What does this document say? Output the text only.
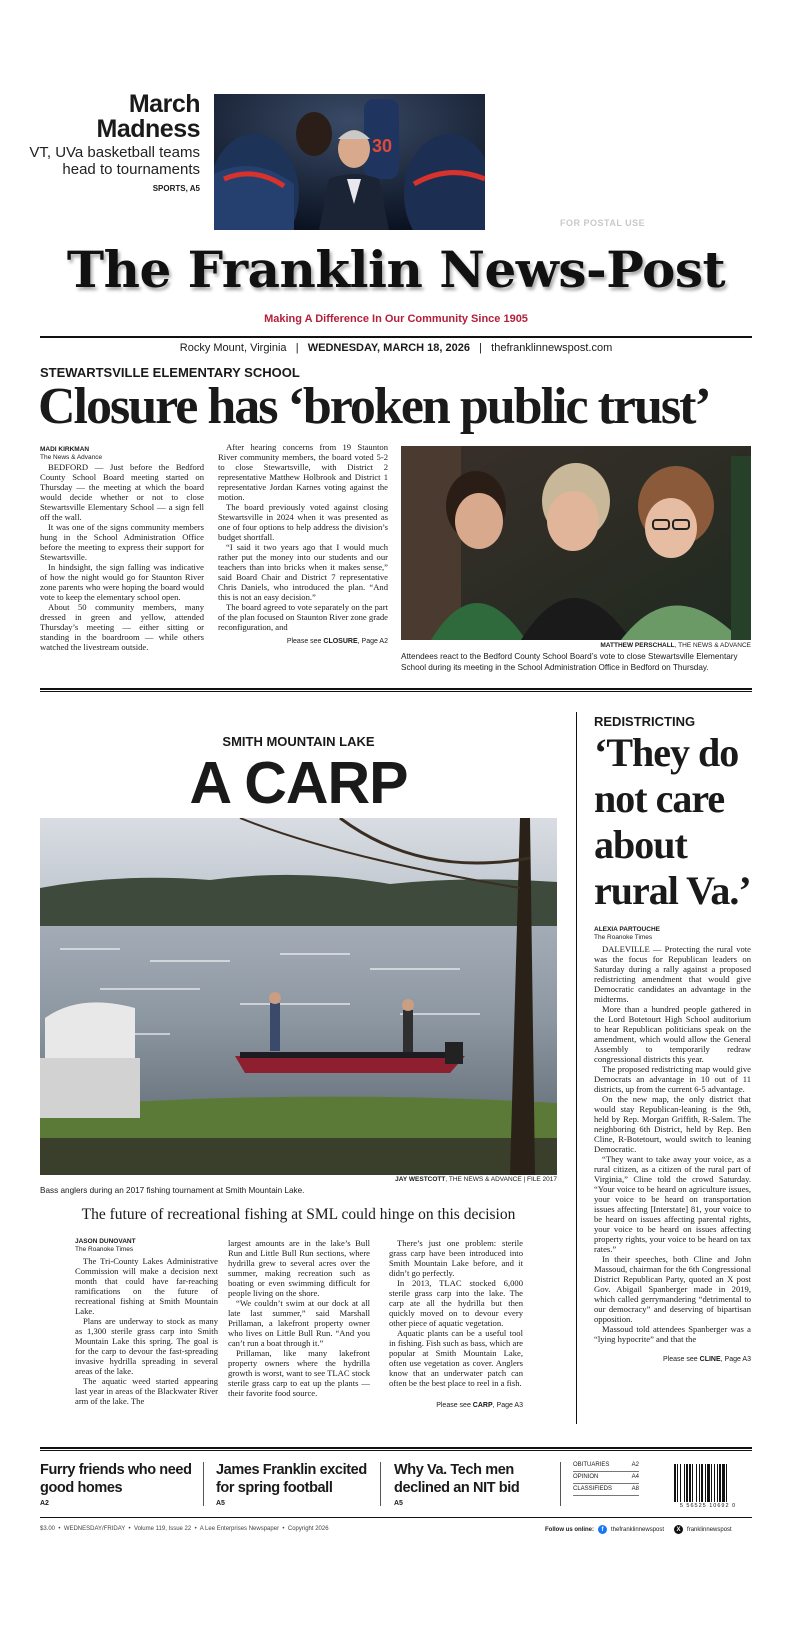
March
Madness
VT, UVa basketball teams head to tournaments
SPORTS, A5
30
FOR POSTAL USE
The Franklin News-Post
Making A Difference In Our Community Since 1905
Rocky Mount, Virginia | WEDNESDAY, MARCH 18, 2026 | thefranklinnewspost.com
STEWARTSVILLE ELEMENTARY SCHOOL
Closure has ‘broken public trust’
MADI KIRKMAN
The News & Advance

BEDFORD — Just before the Bedford County School Board meeting started on Thursday — the meeting at which the board would decide whether or not to close Stewartsville Elementary School — a sign fell off the wall.

It was one of the signs community members hung in the School Administration Office before the meeting to express their support for Stewartsville.

In hindsight, the sign falling was indicative of how the night would go for Staunton River zone parents who were hoping the board would vote to keep the elementary school open.

About 50 community members, many dressed in green and yellow, attended Thursday’s meeting — either sitting or standing in the boardroom — while others watched the livestream outside.

After hearing concerns from 19 Staunton River community members, the board voted 5-2 to close Stewartsville, with District 2 representative Matthew Holbrook and District 1 representative Jordan Karnes voting against the motion.

The board previously voted against closing Stewartsville in 2024 when it was presented as one of four options to help address the division’s budget shortfall.

“I said it two years ago that I would much rather put the money into our students and our teachers than into bricks when it makes sense,” said Board Chair and District 7 representative Chris Daniels, who introduced the plan. “And this is not an easy decision.”

The board agreed to vote separately on the part of the plan focused on Staunton River zone grade reconfiguration, and

Please see CLOSURE, Page A2
MATTHEW PERSCHALL, THE NEWS & ADVANCE
Attendees react to the Bedford County School Board’s vote to close Stewartsville Elementary School during its meeting in the School Administration Office in Bedford on Thursday.
SMITH MOUNTAIN LAKE
A CARP
JAY WESTCOTT, THE NEWS & ADVANCE | FILE 2017
Bass anglers during an 2017 fishing tournament at Smith Mountain Lake.
The future of recreational fishing at SML could hinge on this decision
JASON DUNOVANT
The Roanoke Times

The Tri-County Lakes Administrative Commission will make a decision next month that could have far-reaching ramifications on the future of recreational fishing at Smith Mountain Lake.

Plans are underway to stock as many as 1,300 sterile grass carp into Smith Mountain Lake this spring. The goal is for the carp to devour the fast-spreading invasive hydrilla spreading in several areas of the lake.

The aquatic weed started appearing last year in areas of the Blackwater River arm of the lake. The

largest amounts are in the lake’s Bull Run and Little Bull Run sections, where hydrilla grew to several acres over the summer, making recreation such as boating or even swimming difficult for people living on the shore.

“We couldn’t swim at our dock at all late last summer,” said Marshall Prillaman, a lakefront property owner who lives on Little Bull Run. “And you can’t run a boat through it.”

Prillaman, like many lakefront property owners where the hydrilla growth is worst, want to see TLAC stock sterile grass carp to eat up the plants — their favorite food source.

There’s just one problem: sterile grass carp have been introduced into Smith Mountain Lake before, and it didn’t go perfectly.

In 2013, TLAC stocked 6,000 sterile grass carp into the lake. The carp ate all the hydrilla but then quickly moved on to devour every other piece of aquatic vegetation.

Aquatic plants can be a useful tool in fishing. Fish such as bass, which are popular at Smith Mountain Lake, often use vegetation as cover. Anglers know that an underwater patch can often be the best place to reel in a fish.

Please see CARP, Page A3
REDISTRICTING
‘They do not care about rural Va.’
ALEXIA PARTOUCHE
The Roanoke Times

DALEVILLE — Protecting the rural vote was the focus for Republican leaders on Saturday during a rally against a proposed redistricting amendment that would give Democratic candidates an advantage in the midterms.

More than a hundred people gathered in the Lord Botetourt High School auditorium to hear Republican politicians speak on the amendment, which would allow the General Assembly to temporarily redraw congressional districts this year.

The proposed redistricting map would give Democrats an advantage in 10 out of 11 districts, up from the current 6-5 advantage.

On the new map, the only district that would stay Republican-leaning is the 9th, held by Rep. Morgan Griffith, R-Salem. The neighboring 6th District, held by Rep. Ben Cline, R-Botetourt, would switch to leaning Democratic.

“They want to take away your voice, as a rural citizen, as a citizen of the rural part of Virginia,” Cline told the crowd Saturday. “Your voice to be heard on agriculture issues, your voice to be heard on transportation issues affecting [Interstate] 81, your voice to be heard on issues affecting parental rights, your voice to be heard on issues affecting property rights, your voice to be heard on tax rates.”

In their speeches, both Cline and John Massoud, chairman for the 6th Congressional District Republican Party, quoted an X post Gov. Abigail Spanberger made in 2019, which called gerrymandering “detrimental to our democracy” and deserving of bipartisan opposition.

Massoud told attendees Spanberger was a “lying hypocrite” and that the

Please see CLINE, Page A3
Furry friends who need good homes
A2
James Franklin excited for spring football
A5
Why Va. Tech men declined an NIT bid
A5
OBITUARIES	A2
OPINION	A4
CLASSIFIEDS	A8
5 56525 10692 0
$3.00 • WEDNESDAY/FRIDAY • Volume 119, Issue 22 • A Lee Enterprises Newspaper • Copyright 2026	Follow us online:	f	thefranklinnewspost	X	franklinnewspost
